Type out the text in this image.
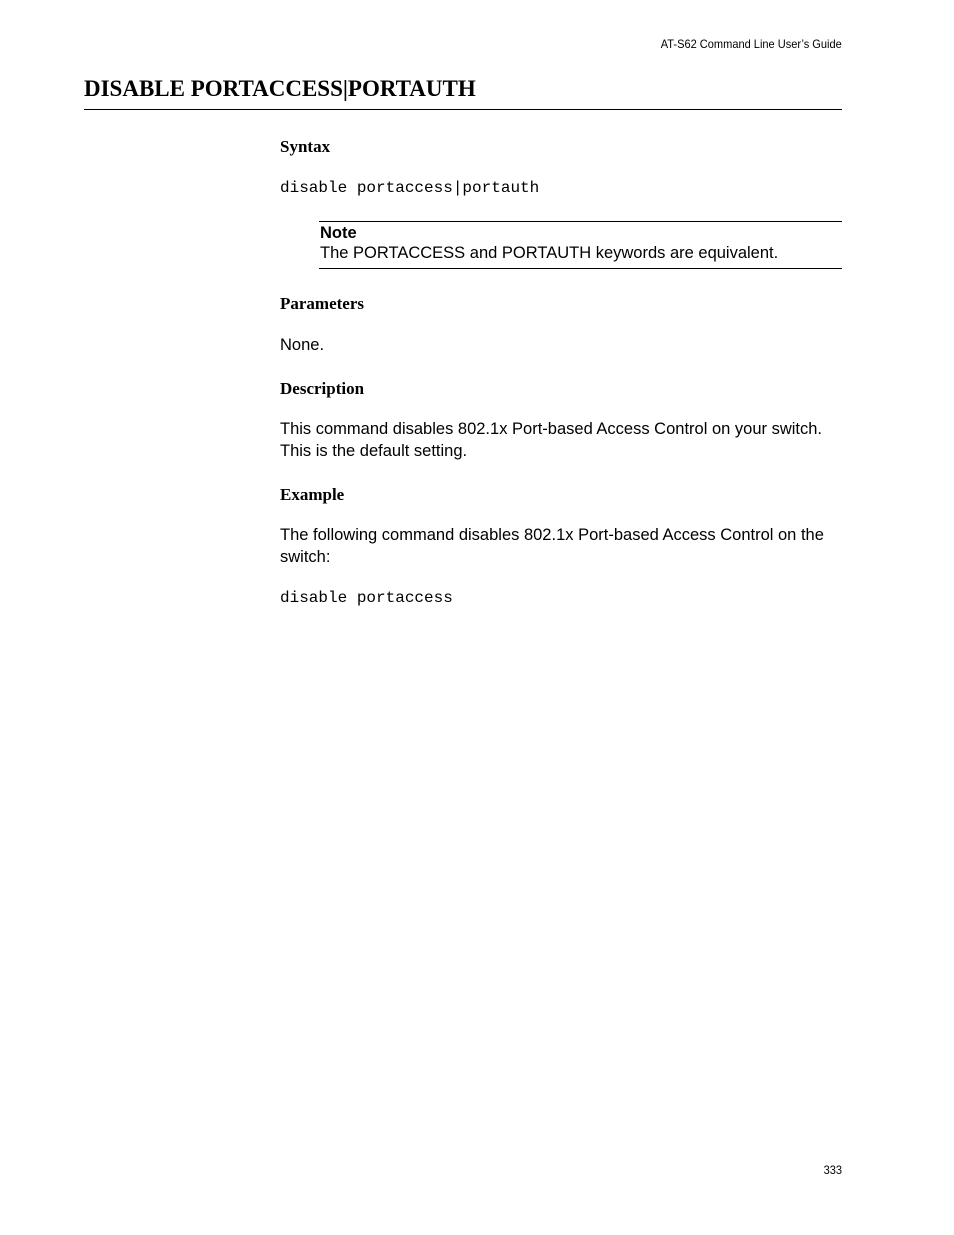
AT-S62 Command Line User’s Guide
DISABLE PORTACCESS|PORTAUTH
Syntax

disable portaccess|portauth

Note
The PORTACCESS and PORTAUTH keywords are equivalent.
Parameters

None.

Description

This command disables 802.1x Port-based Access Control on your switch. This is the default setting.

Example

The following command disables 802.1x Port-based Access Control on the switch:

disable portaccess

333
